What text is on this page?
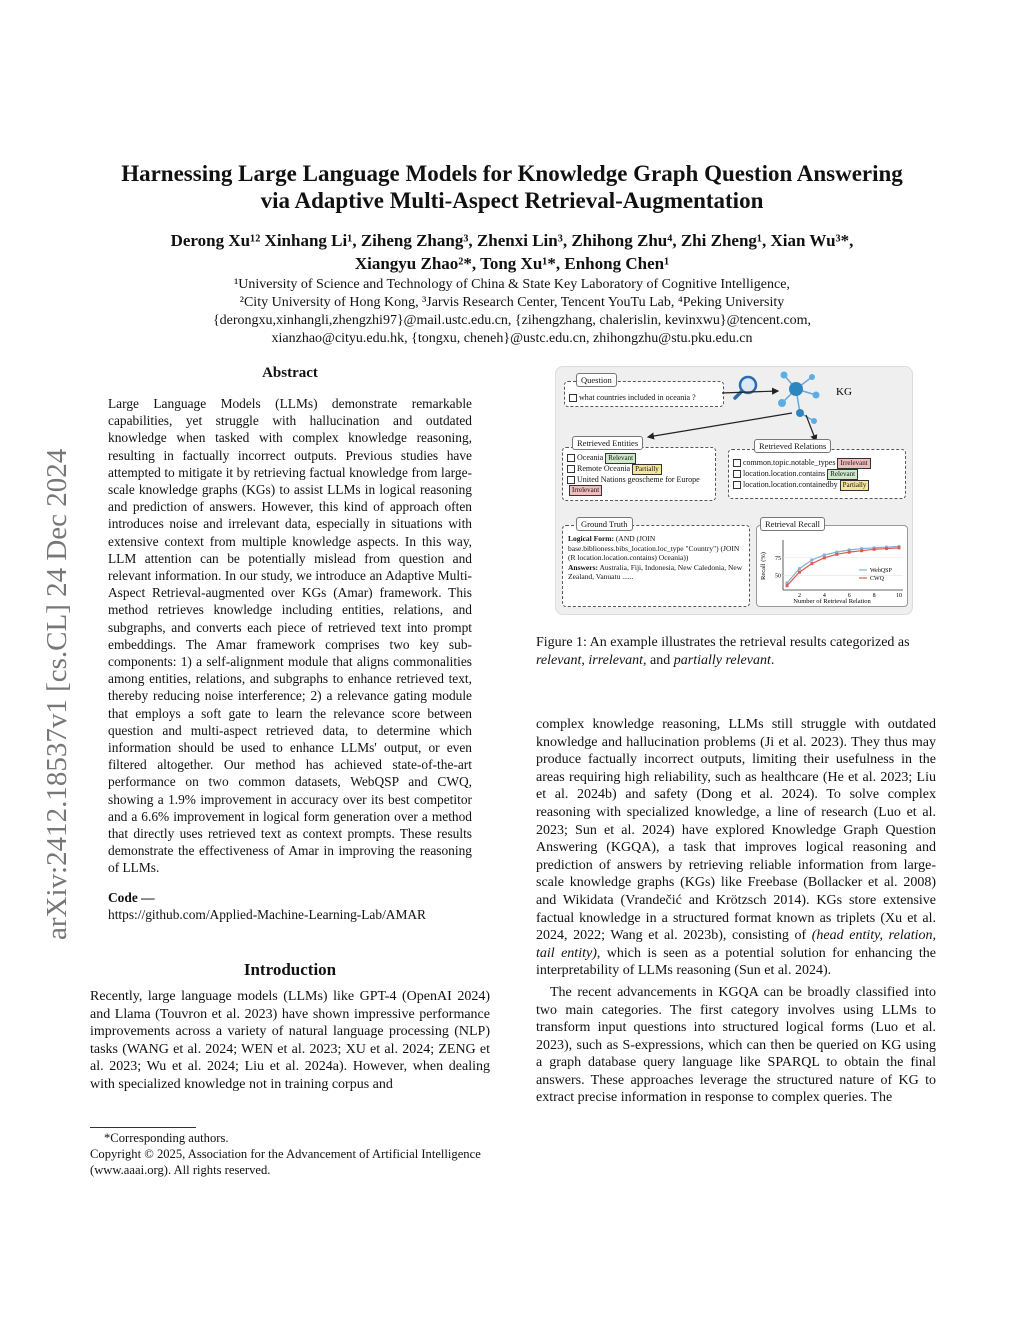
arXiv:2412.18537v1 [cs.CL] 24 Dec 2024
Harnessing Large Language Models for Knowledge Graph Question Answering
via Adaptive Multi-Aspect Retrieval-Augmentation
Derong Xu¹² Xinhang Li¹, Ziheng Zhang³, Zhenxi Lin³, Zhihong Zhu⁴, Zhi Zheng¹, Xian Wu³*,
Xiangyu Zhao²*, Tong Xu¹*, Enhong Chen¹
¹University of Science and Technology of China & State Key Laboratory of Cognitive Intelligence,
²City University of Hong Kong, ³Jarvis Research Center, Tencent YouTu Lab, ⁴Peking University
{derongxu,xinhangli,zhengzhi97}@mail.ustc.edu.cn, {zihengzhang, chalerislin, kevinxwu}@tencent.com,
xianzhao@cityu.edu.hk, {tongxu, cheneh}@ustc.edu.cn, zhihongzhu@stu.pku.edu.cn
Abstract
Large Language Models (LLMs) demonstrate remarkable capabilities, yet struggle with hallucination and outdated knowledge when tasked with complex knowledge reasoning, resulting in factually incorrect outputs. Previous studies have attempted to mitigate it by retrieving factual knowledge from large-scale knowledge graphs (KGs) to assist LLMs in logical reasoning and prediction of answers. However, this kind of approach often introduces noise and irrelevant data, especially in situations with extensive context from multiple knowledge aspects. In this way, LLM attention can be potentially mislead from question and relevant information. In our study, we introduce an Adaptive Multi-Aspect Retrieval-augmented over KGs (Amar) framework. This method retrieves knowledge including entities, relations, and subgraphs, and converts each piece of retrieved text into prompt embeddings. The Amar framework comprises two key sub-components: 1) a self-alignment module that aligns commonalities among entities, relations, and subgraphs to enhance retrieved text, thereby reducing noise interference; 2) a relevance gating module that employs a soft gate to learn the relevance score between question and multi-aspect retrieved data, to determine which information should be used to enhance LLMs' output, or even filtered altogether. Our method has achieved state-of-the-art performance on two common datasets, WebQSP and CWQ, showing a 1.9% improvement in accuracy over its best competitor and a 6.6% improvement in logical form generation over a method that directly uses retrieved text as context prompts. These results demonstrate the effectiveness of Amar in improving the reasoning of LLMs.
Code —
https://github.com/Applied-Machine-Learning-Lab/AMAR
Introduction
Recently, large language models (LLMs) like GPT-4 (OpenAI 2024) and Llama (Touvron et al. 2023) have shown impressive performance improvements across a variety of natural language processing (NLP) tasks (WANG et al. 2024; WEN et al. 2023; XU et al. 2024; ZENG et al. 2023; Wu et al. 2024; Liu et al. 2024a). However, when dealing with specialized knowledge not in training corpus and
*Corresponding authors.
Copyright © 2025, Association for the Advancement of Artificial Intelligence (www.aaai.org). All rights reserved.
what countries included in oceania ?
Question
KG
Oceania Relevant
Remote Oceania Partially
United Nations geoscheme for EuropeIrrelevant
Retrieved Entities
common.topic.notable_types Irrelevant
location.location.contains Relevant
location.location.containedby Partially
Retrieved Relations
Logical Form: (AND (JOIN base.biblioness.bibs_location.loc_type "Country") (JOIN (R location.location.contains) Oceania))
Answers: Australia, Fiji, Indonesia, New Caledonia, New Zealand, Vanuatu ......
Ground Truth
Recall (%)
Number of Retrieval Relation
50
75
2	4	6	8	10
WebQSP
CWQ
Retrieval Recall
Figure 1: An example illustrates the retrieval results categorized as relevant, irrelevant, and partially relevant.

complex knowledge reasoning, LLMs still struggle with outdated knowledge and hallucination problems (Ji et al. 2023). They thus may produce factually incorrect outputs, limiting their usefulness in the areas requiring high reliability, such as healthcare (He et al. 2023; Liu et al. 2024b) and safety (Dong et al. 2024). To solve complex reasoning with specialized knowledge, a line of research (Luo et al. 2023; Sun et al. 2024) have explored Knowledge Graph Question Answering (KGQA), a task that improves logical reasoning and prediction of answers by retrieving reliable information from large-scale knowledge graphs (KGs) like Freebase (Bollacker et al. 2008) and Wikidata (Vrandečić and Krötzsch 2014). KGs store extensive factual knowledge in a structured format known as triplets (Xu et al. 2024, 2022; Wang et al. 2023b), consisting of (head entity, relation, tail entity), which is seen as a potential solution for enhancing the interpretability of LLMs reasoning (Sun et al. 2024).

The recent advancements in KGQA can be broadly classified into two main categories. The first category involves using LLMs to transform input questions into structured logical forms (Luo et al. 2023), such as S-expressions, which can then be queried on KG using a graph database query language like SPARQL to obtain the final answers. These approaches leverage the structured nature of KG to extract precise information in response to complex queries. The
